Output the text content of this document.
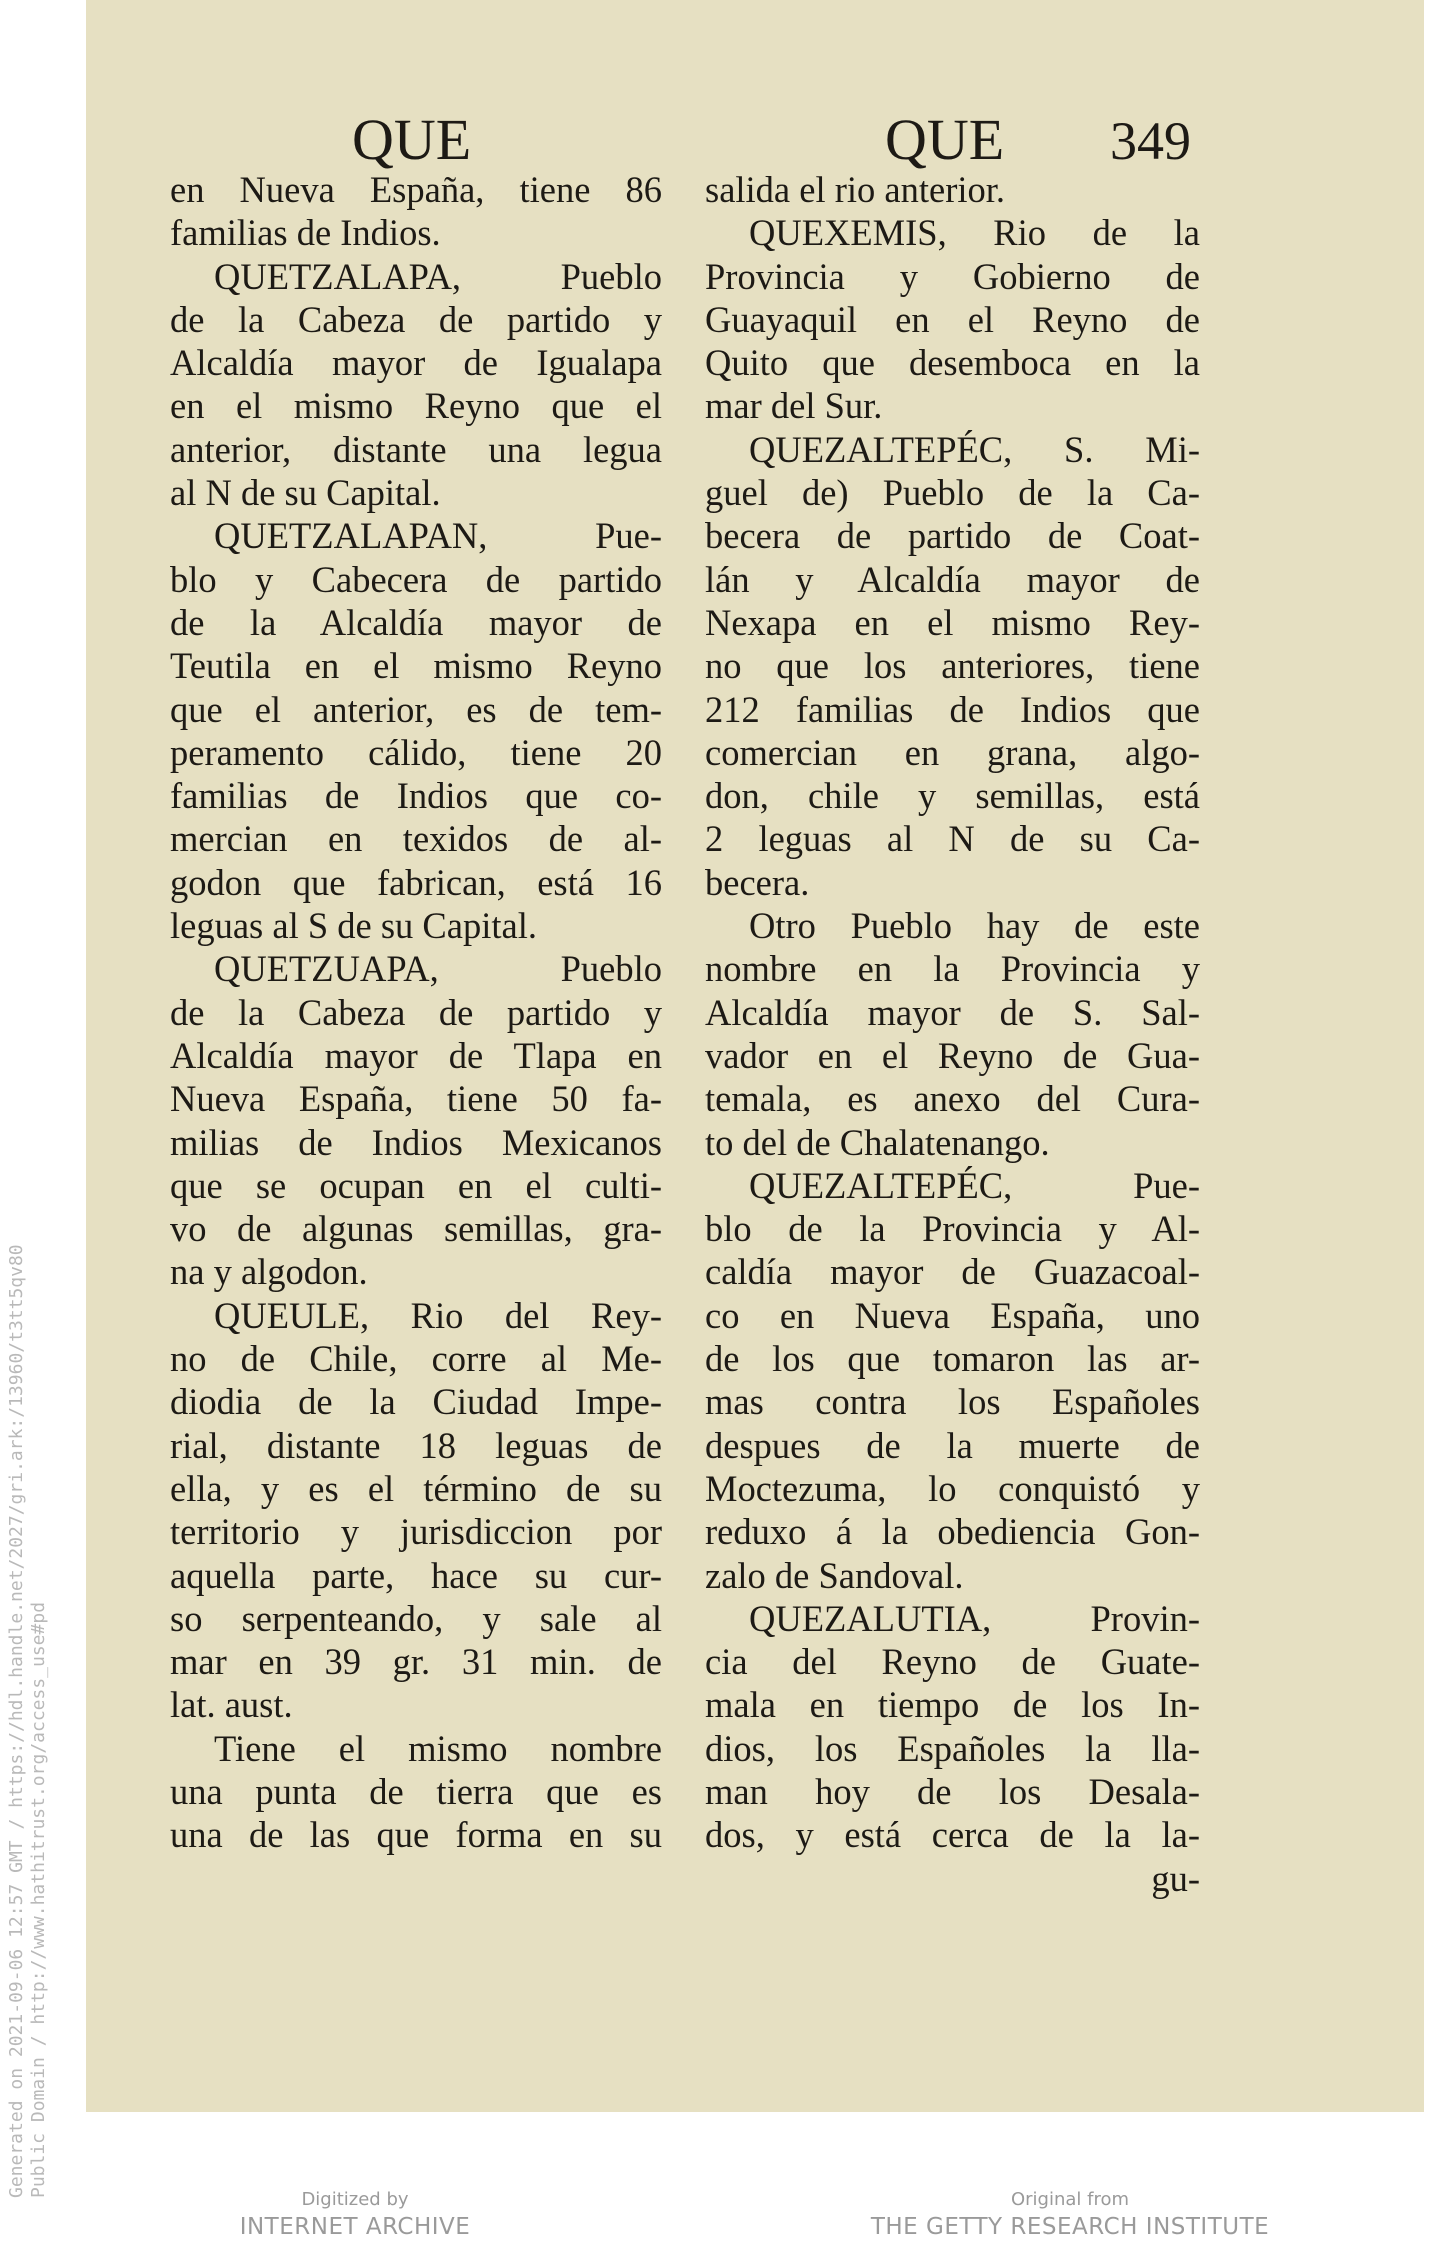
Generated on 2021-09-06 12:57 GMT / https://hdl.handle.net/2027/gri.ark:/13960/t3tt5qv80 Public Domain / http://www.hathitrust.org/access_use#pd
QUE	QUE 349
en Nueva España, tiene 86
familias de Indios.
QUETZALAPA, Pueblo
de la Cabeza de partido y
Alcaldía mayor de Igualapa
en el mismo Reyno que el
anterior, distante una legua
al N de su Capital.
QUETZALAPAN, Pue-
blo y Cabecera de partido
de la Alcaldía mayor de
Teutila en el mismo Reyno
que el anterior, es de tem-
peramento cálido, tiene 20
familias de Indios que co-
mercian en texidos de al-
godon que fabrican, está 16
leguas al S de su Capital.
QUETZUAPA, Pueblo
de la Cabeza de partido y
Alcaldía mayor de Tlapa en
Nueva España, tiene 50 fa-
milias de Indios Mexicanos
que se ocupan en el culti-
vo de algunas semillas, gra-
na y algodon.
QUEULE, Rio del Rey-
no de Chile, corre al Me-
diodia de la Ciudad Impe-
rial, distante 18 leguas de
ella, y es el término de su
territorio y jurisdiccion por
aquella parte, hace su cur-
so serpenteando, y sale al
mar en 39 gr. 31 min. de
lat. aust.
Tiene el mismo nombre
una punta de tierra que es
una de las que forma en su
salida el rio anterior.
QUEXEMIS, Rio de la
Provincia y Gobierno de
Guayaquil en el Reyno de
Quito que desemboca en la
mar del Sur.
QUEZALTEPÉC, S. Mi-
guel de) Pueblo de la Ca-
becera de partido de Coat-
lán y Alcaldía mayor de
Nexapa en el mismo Rey-
no que los anteriores, tiene
212 familias de Indios que
comercian en grana, algo-
don, chile y semillas, está
2 leguas al N de su Ca-
becera.
Otro Pueblo hay de este
nombre en la Provincia y
Alcaldía mayor de S. Sal-
vador en el Reyno de Gua-
temala, es anexo del Cura-
to del de Chalatenango.
QUEZALTEPÉC, Pue-
blo de la Provincia y Al-
caldía mayor de Guazacoal-
co en Nueva España, uno
de los que tomaron las ar-
mas contra los Españoles
despues de la muerte de
Moctezuma, lo conquistó y
reduxo á la obediencia Gon-
zalo de Sandoval.
QUEZALUTIA, Provin-
cia del Reyno de Guate-
mala en tiempo de los In-
dios, los Españoles la lla-
man hoy de los Desala-
dos, y está cerca de la la-
gu-
Digitized by
INTERNET ARCHIVE
Original from
THE GETTY RESEARCH INSTITUTE
